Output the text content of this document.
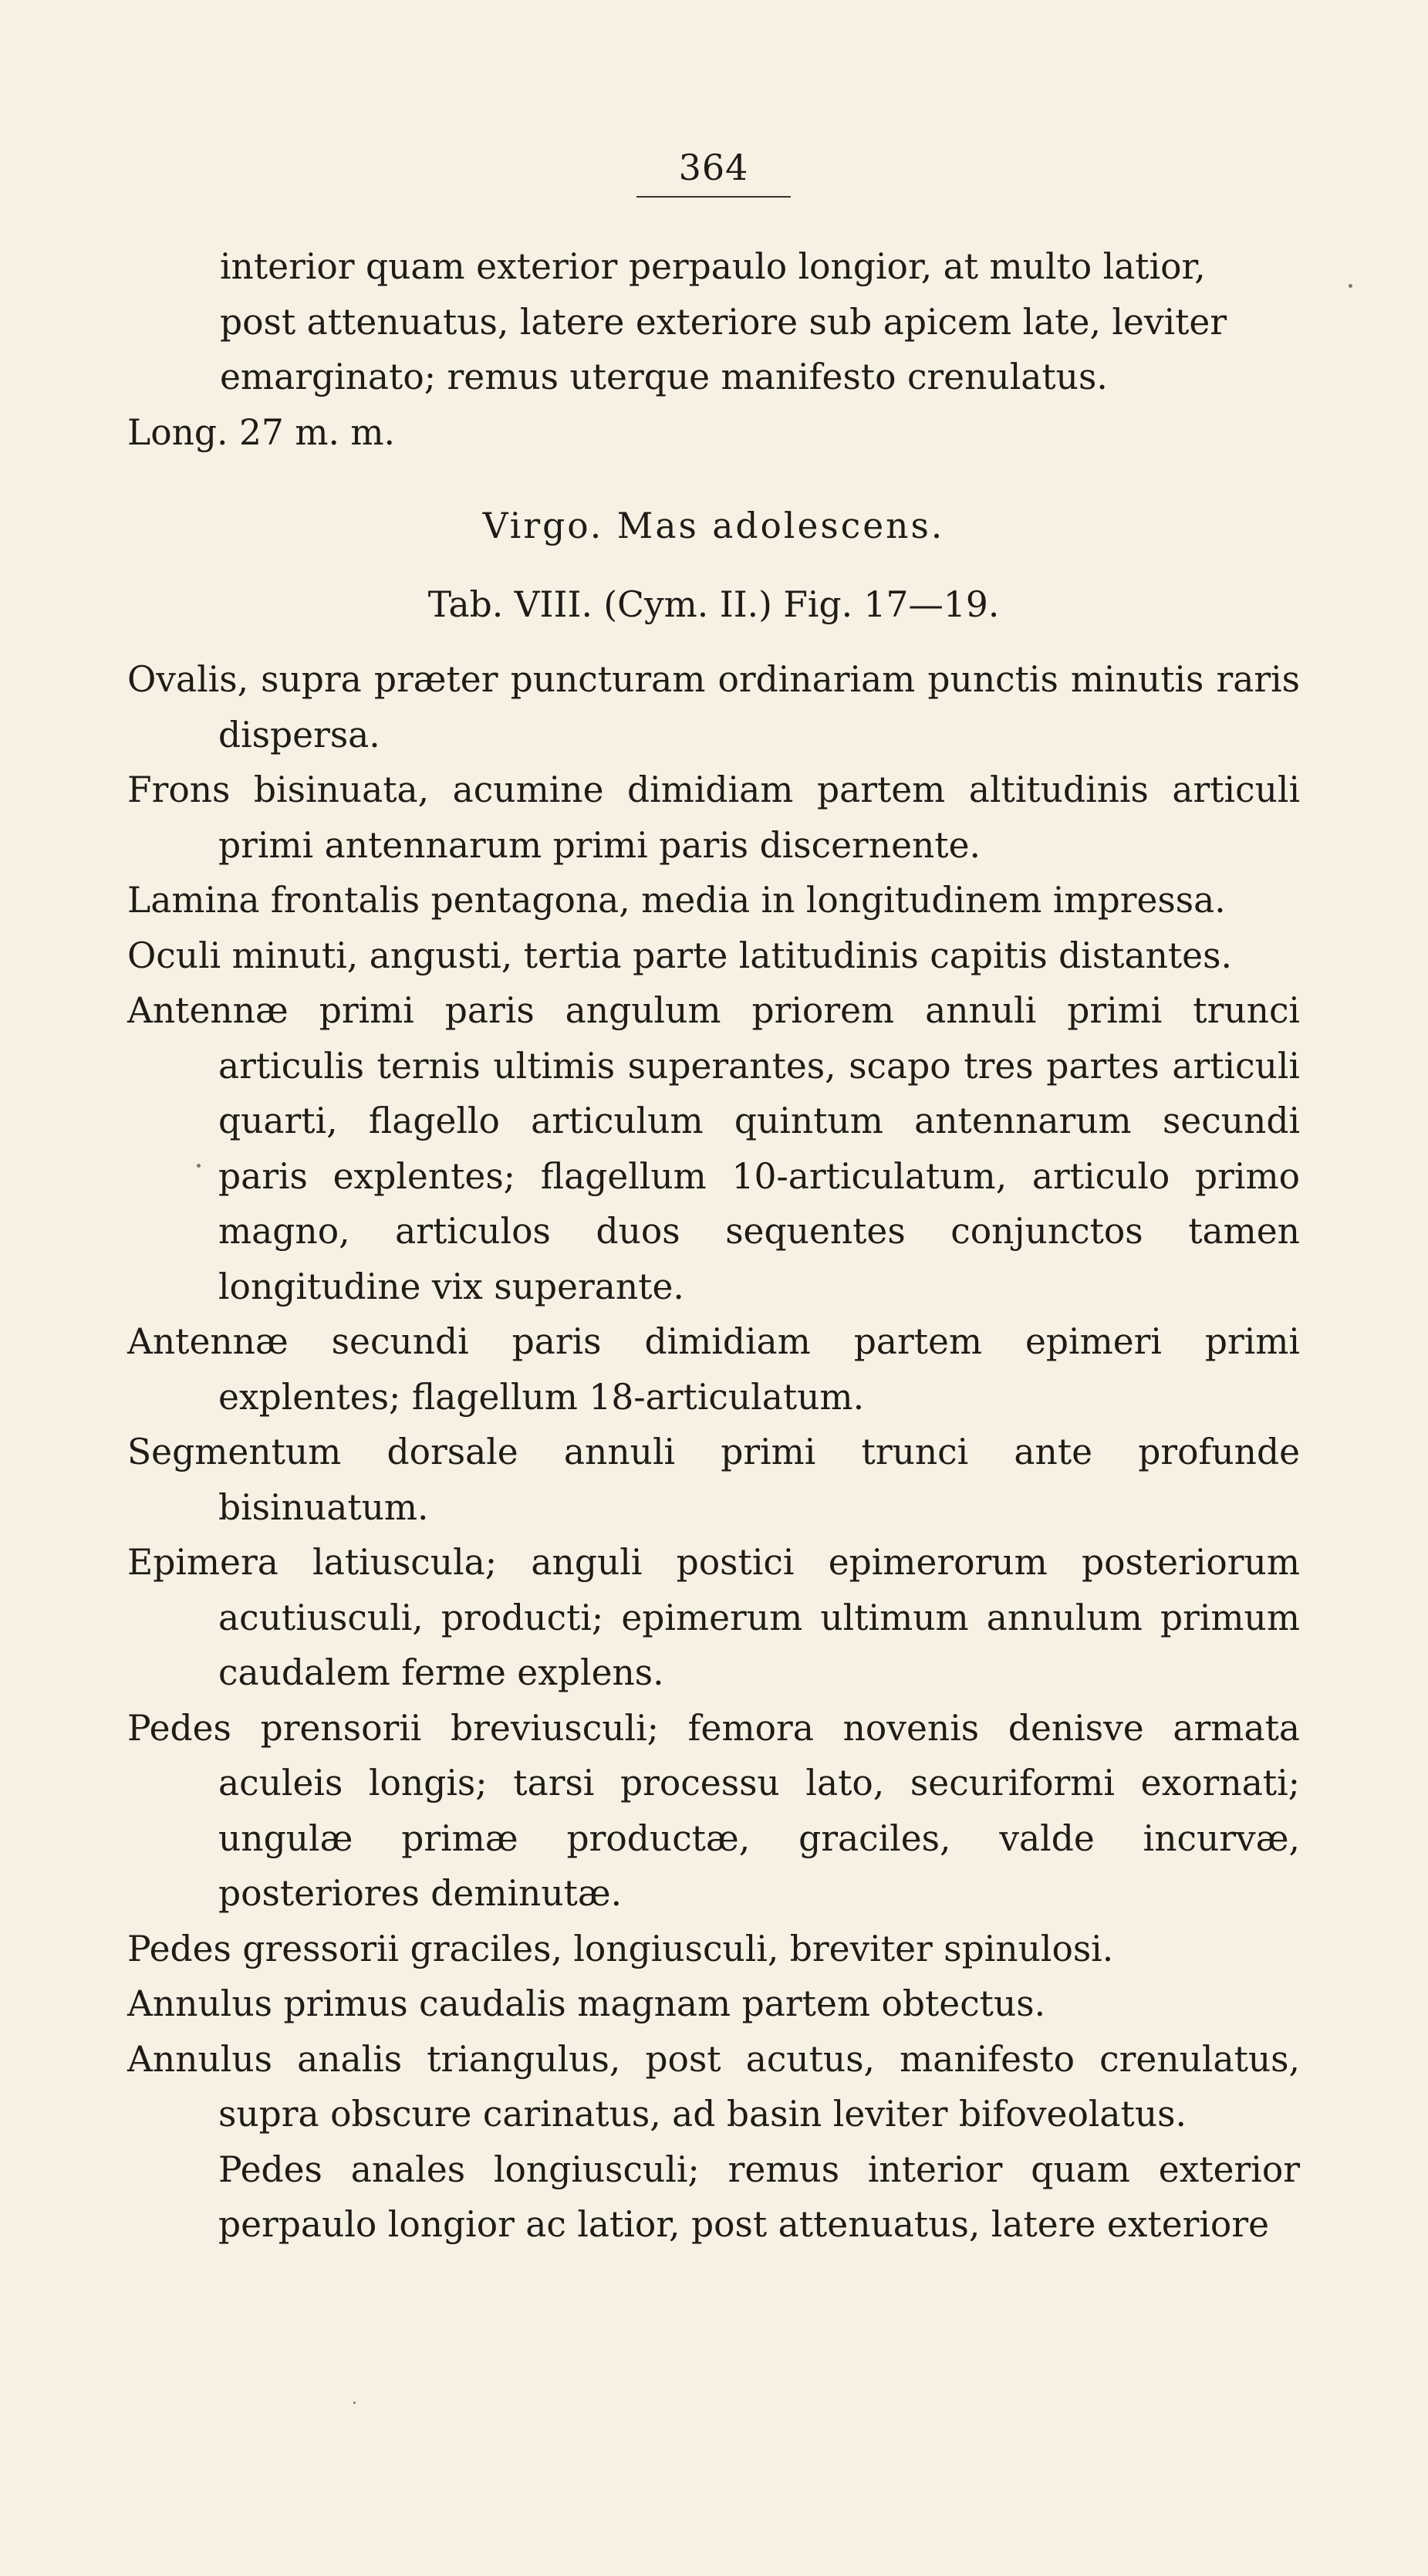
364

interior quam exterior perpaulo longior, at multo latior,

post attenuatus, latere exteriore sub apicem late, leviter

emarginato; remus uterque manifesto crenulatus.

Long. 27 m. m.

Virgo. Mas adolescens.

Tab. VIII. (Cym. II.) Fig. 17—19.

Ovalis, supra præter puncturam ordinariam punctis minutis raris dispersa.

Frons bisinuata, acumine dimidiam partem altitudinis articuli primi antennarum primi paris discernente.

Lamina frontalis pentagona, media in longitudinem impressa.

Oculi minuti, angusti, tertia parte latitudinis capitis distantes.

Antennæ primi paris angulum priorem annuli primi trunci articulis ternis ultimis superantes, scapo tres partes articuli quarti, flagello articulum quintum antennarum secundi paris explentes; flagellum 10-articulatum, articulo primo magno, articulos duos sequentes conjunctos tamen longitudine vix superante.

Antennæ secundi paris dimidiam partem epimeri primi explentes; flagellum 18-articulatum.

Segmentum dorsale annuli primi trunci ante profunde bisinuatum.

Epimera latiuscula; anguli postici epimerorum posteriorum acutiusculi, producti; epimerum ultimum annulum primum caudalem ferme explens.

Pedes prensorii breviusculi; femora novenis denisve armata aculeis longis; tarsi processu lato, securiformi exornati; ungulæ primæ productæ, graciles, valde incurvæ, posteriores deminutæ.

Pedes gressorii graciles, longiusculi, breviter spinulosi.

Annulus primus caudalis magnam partem obtectus.

Annulus analis triangulus, post acutus, manifesto crenulatus, supra obscure carinatus, ad basin leviter bifoveolatus.

Pedes anales longiusculi; remus interior quam exterior perpaulo longior ac latior, post attenuatus, latere exteriore
